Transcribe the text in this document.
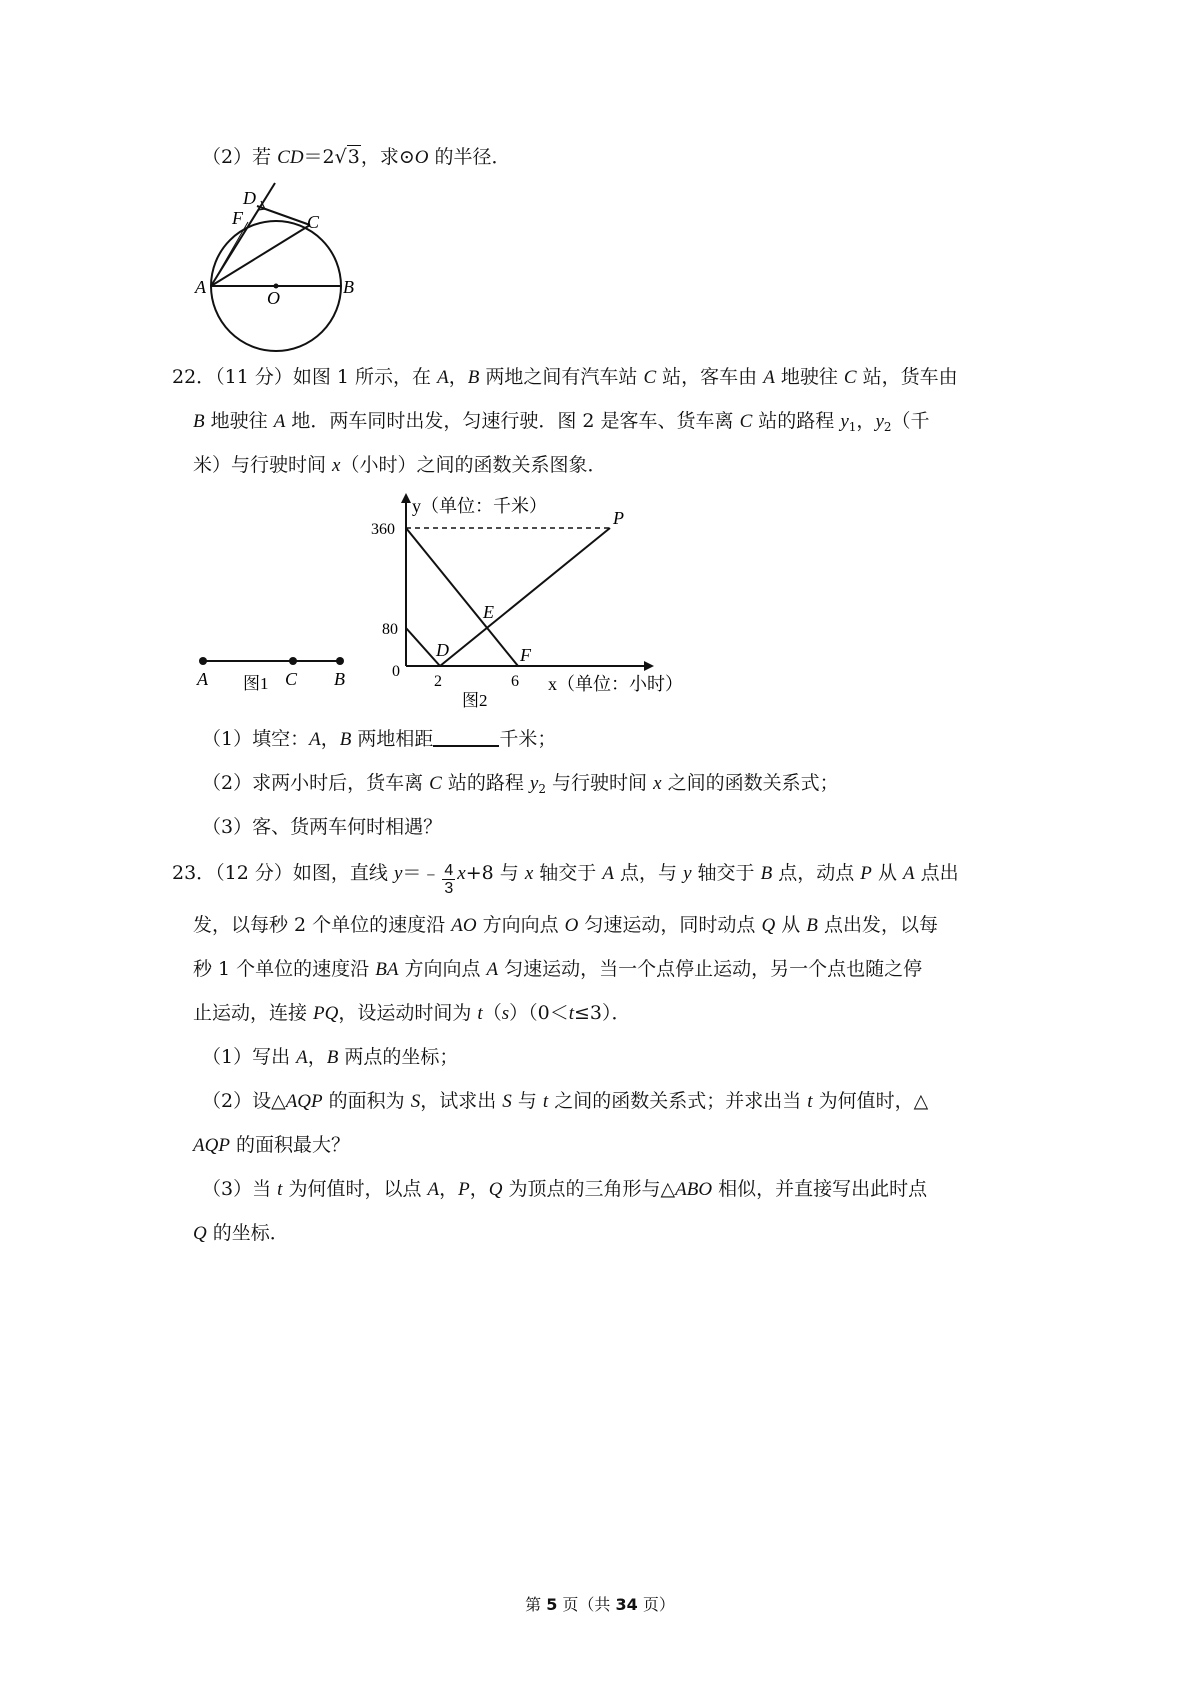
（2）若 CD＝2√3，求⊙O 的半径．
D
F	C
A
O
B
22．（11 分）如图 1 所示，在 A，B 两地之间有汽车站 C 站，客车由 A 地驶往 C 站，货车由
B 地驶往 A 地．两车同时出发，匀速行驶．图 2 是客车、货车离 C 站的路程 $y_1$，$y_2$（千
米）与行驶时间 x（小时）之间的函数关系图象．
A	C B
图1
y（单位：千米）
360
80
0
2	6
P
E
D	F
x（单位：小时）
图2
（1）填空：A，B 两地相距	千米；
（2）求两小时后，货车离 C 站的路程 $y_2$ 与行驶时间 x 之间的函数关系式；
（3）客、货两车何时相遇？
23．（12 分）如图，直线 y＝﹣ $\frac{4}{3} x+8$ 与 x 轴交于 A 点，与 y 轴交于 B 点，动点 P 从 A 点出
发，以每秒 2 个单位的速度沿 AO 方向向点 O 匀速运动，同时动点 Q 从 B 点出发，以每
秒 1 个单位的速度沿 BA 方向向点 A 匀速运动，当一个点停止运动，另一个点也随之停
止运动，连接 PQ，设运动时间为 t（s）（0＜t≤3）．
（1）写出 A，B 两点的坐标；
（2）设△AQP 的面积为 S，试求出 S 与 t 之间的函数关系式；并求出当 t 为何值时，△
AQP 的面积最大？
（3）当 t 为何值时，以点 A，P，Q 为顶点的三角形与△ABO 相似，并直接写出此时点
Q 的坐标．
第 5 页（共 34 页）
